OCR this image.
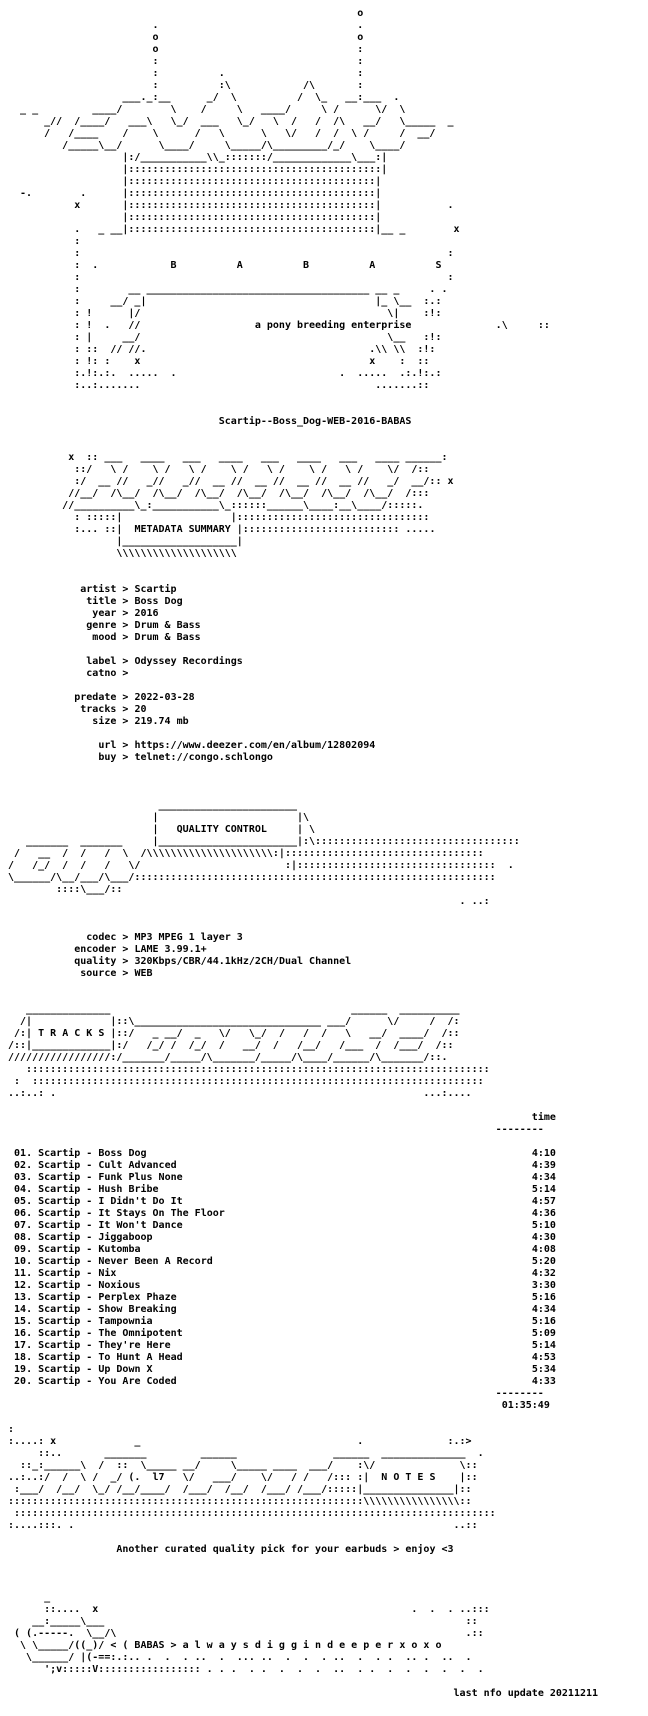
o
.                                 .
o                                 o
o                                 :
:                                 :
:          .                      :
:          :\            /\       :
___._:__      _/  \          /  \_   __:___  .
_ _         ____/        \    /     \   ____/     \ /      \/  \
_//  /____/   ___\   \_/  ___   \_/   \  /   /  /\   __/   \_____  _
/   /____    /    \      /   \      \   \/   /  /  \ /     /  __/
/_____\__/      \____/     \_____/\_________/_/    \____/
|:/___________\\_:::::::/_____________\___:|
|::::::::::::::::::::::::::::::::::::::::::|
|:::::::::::::::::::::::::::::::::::::::::|
-.        .      |:::::::::::::::::::::::::::::::::::::::::|
x       |:::::::::::::::::::::::::::::::::::::::::|           .
|:::::::::::::::::::::::::::::::::::::::::|
.   _ __|:::::::::::::::::::::::::::::::::::::::::|__ _        x
:
:                                                             :
:  .            B          A          B          A          S
:                                                             :
:        __ _____________________________________ __ _     . .
:     __/ _|                                      |_ \__  :.:
: !      |/                                         \|    :!:
: !  .   //                   a pony breeding enterprise              .\     ::
: |     __/                                         \__   :!:
: ::  // //.                                     .\\ \\  :!:
: !: :    x                                      x    :  ::
:.!:.:.  .....  .                           .  .....  .:.!:.:
:..:.......                                       .......::
Scartip--Boss_Dog-WEB-2016-BABAS
x  :: ___   ____   ___   ____   ___   ____   ___   ____ ______:
::/   \ /    \ /   \ /    \ /   \ /    \ /   \ /    \/  /::
:/  __ //   _//   _//  __ //  __ //  __ //  __ //   _/  __/:: x
//__/  /\__/  /\__/  /\__/  /\__/  /\__/  /\__/  /\__/  /:::
//__________\_:___________\_::::::______\____:__\____/:::::.
: :::::|                  |::::::::::::::::::::::::::::::::
:... ::|  METADATA SUMMARY |:::::::::::::::::::::::::: .....
|___________________|
\\\\\\\\\\\\\\\\\\\\
artist > Scartip
title > Boss Dog
year > 2016
genre > Drum & Bass
mood > Drum & Bass
label > Odyssey Recordings
catno >
predate > 2022-03-28
tracks > 20
size > 219.74 mb
url > https://www.deezer.com/en/album/12802094
buy > telnet://congo.schlongo
_______________________
|                       |\
|   QUALITY CONTROL	| \
_______  _______     |_______________________|:\::::::::::::::::::::::::::::::::::
/   __  /  /   /  \  /\\\\\\\\\\\\\\\\\\\\\:|:::::::::::::::::::::::::::::::::
/   /_/  /  /   /   \/                        :|:::::::::::::::::::::::::::::::::  .
\______/\__/___/\___/::::::::::::::::::::::::::::::::::::::::::::::::::::::::::::
::::\___/::
. ..:
codec > MP3 MPEG 1 layer 3
encoder > LAME 3.99.1+
quality > 320Kbps/CBR/44.1kHz/2CH/Dual Channel
source > WEB
______________                                        ______  __________
/|             |::\_______________________________ ___/      \/     /  /:
/:| T R A C K S |::/   _ __/  _   \/   \_/  /   /  /   \   __/  ____/  /::
/::|_____________|:/   /_/ /  /_/  /   __/  /   /__/   /___  /  /___/  /::
/////////////////:/_______/_____/\_______/_____/\____/______/\_______/::.
:::::::::::::::::::::::::::::::::::::::::::::::::::::::::::::::::::::::::::::
:  :::::::::::::::::::::::::::::::::::::::::::::::::::::::::::::::::::::::::::
..:..: .                                                             ...:....
time
--------
01. Scartip - Boss Dog	4:10
02. Scartip - Cult Advanced	4:39
03. Scartip - Funk Plus None	4:34
04. Scartip - Hush Bribe	5:14
05. Scartip - I Didn't Do It	4:57
06. Scartip - It Stays On The Floor	4:36
07. Scartip - It Won't Dance	5:10
08. Scartip - Jiggaboop	4:30
09. Scartip - Kutomba	4:08
10. Scartip - Never Been A Record	5:20
11. Scartip - Nix	4:32
12. Scartip - Noxious	3:30
13. Scartip - Perplex Phaze	5:16
14. Scartip - Show Breaking	4:34
15. Scartip - Tampownia	5:16
16. Scartip - The Omnipotent	5:09
17. Scartip - They're Here	5:14
18. Scartip - To Hunt A Head	4:53
19. Scartip - Up Down X	5:34
20. Scartip - You Are Coded	4:33
--------
01:35:49
:
:....: x             _                                    .              :.:>
::..       _______         ______                ______  ______________  .
::_:______\  /  ::  \_____ __/     \_____ ____  ___/    :\/              \::
..:..:/  /  \ /  _/ (.  l7   \/   ___/    \/   / /   /::: :|  N O T E S    |::
:___/  /__/  \_/ /__/____/  /___/  /__/  /___/ /___/:::::|_______________|::
:::::::::::::::::::::::::::::::::::::::::::::::::::::::::::\\\\\\\\\\\\\\\\::
::::::::::::::::::::::::::::::::::::::::::::::::::::::::::::::::::::::::::::::::
:....:::. .                                                               ..::
Another curated quality pick for your earbuds > enjoy <3
_
::....  x                                                    .  .  . ..:::
__:_____\___                                                            ::
( (.-----.  \__/\                                                          .::
\ \_____/((_)/ < ( BABAS > a l w a y s d i g g i n d e e p e r x o x o
\______/ |(-==:.:.. .  .  . ..  .  ... ..  .  .  . ..  .  . .  .. .  ..  .
';v:::::V::::::::::::::::: . . .  . .  .  .  .  ..  . .  .  .  .  .  .  .
last nfo update 20211211
